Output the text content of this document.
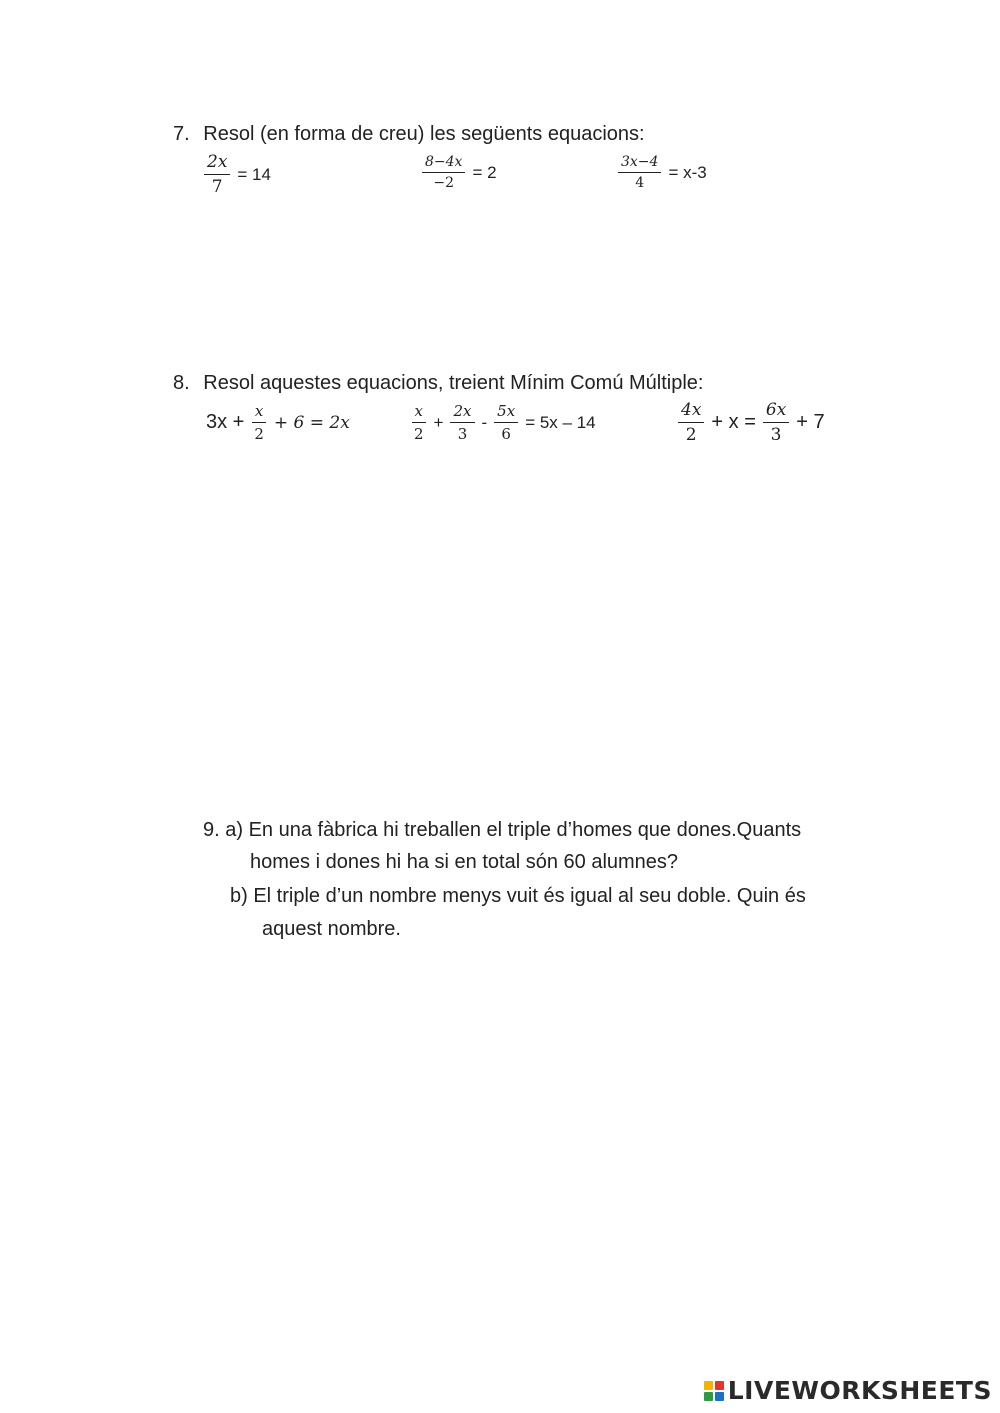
7. Resol (en forma de creu) les següents equacions:
$\frac{2x}{7} = 14$	$\frac{8-4x}{-2} = 2$	$\frac{3x-4}{4} = x-3$
8. Resol aquestes equacions, treient Mínim Comú Múltiple:
$3x + \frac{x}{2} + 6 = 2x$	$\frac{x}{2} + \frac{2x}{3} - \frac{5x}{6} = 5x - 14$	$\frac{4x}{2} + x = \frac{6x}{3} + 7$
9. a) En una fàbrica hi treballen el triple d’homes que dones.Quants
homes i dones hi ha si en total són 60 alumnes?
b) El triple d’un nombre menys vuit és igual al seu doble. Quin és
aquest nombre.
LIVEWORKSHEETS
